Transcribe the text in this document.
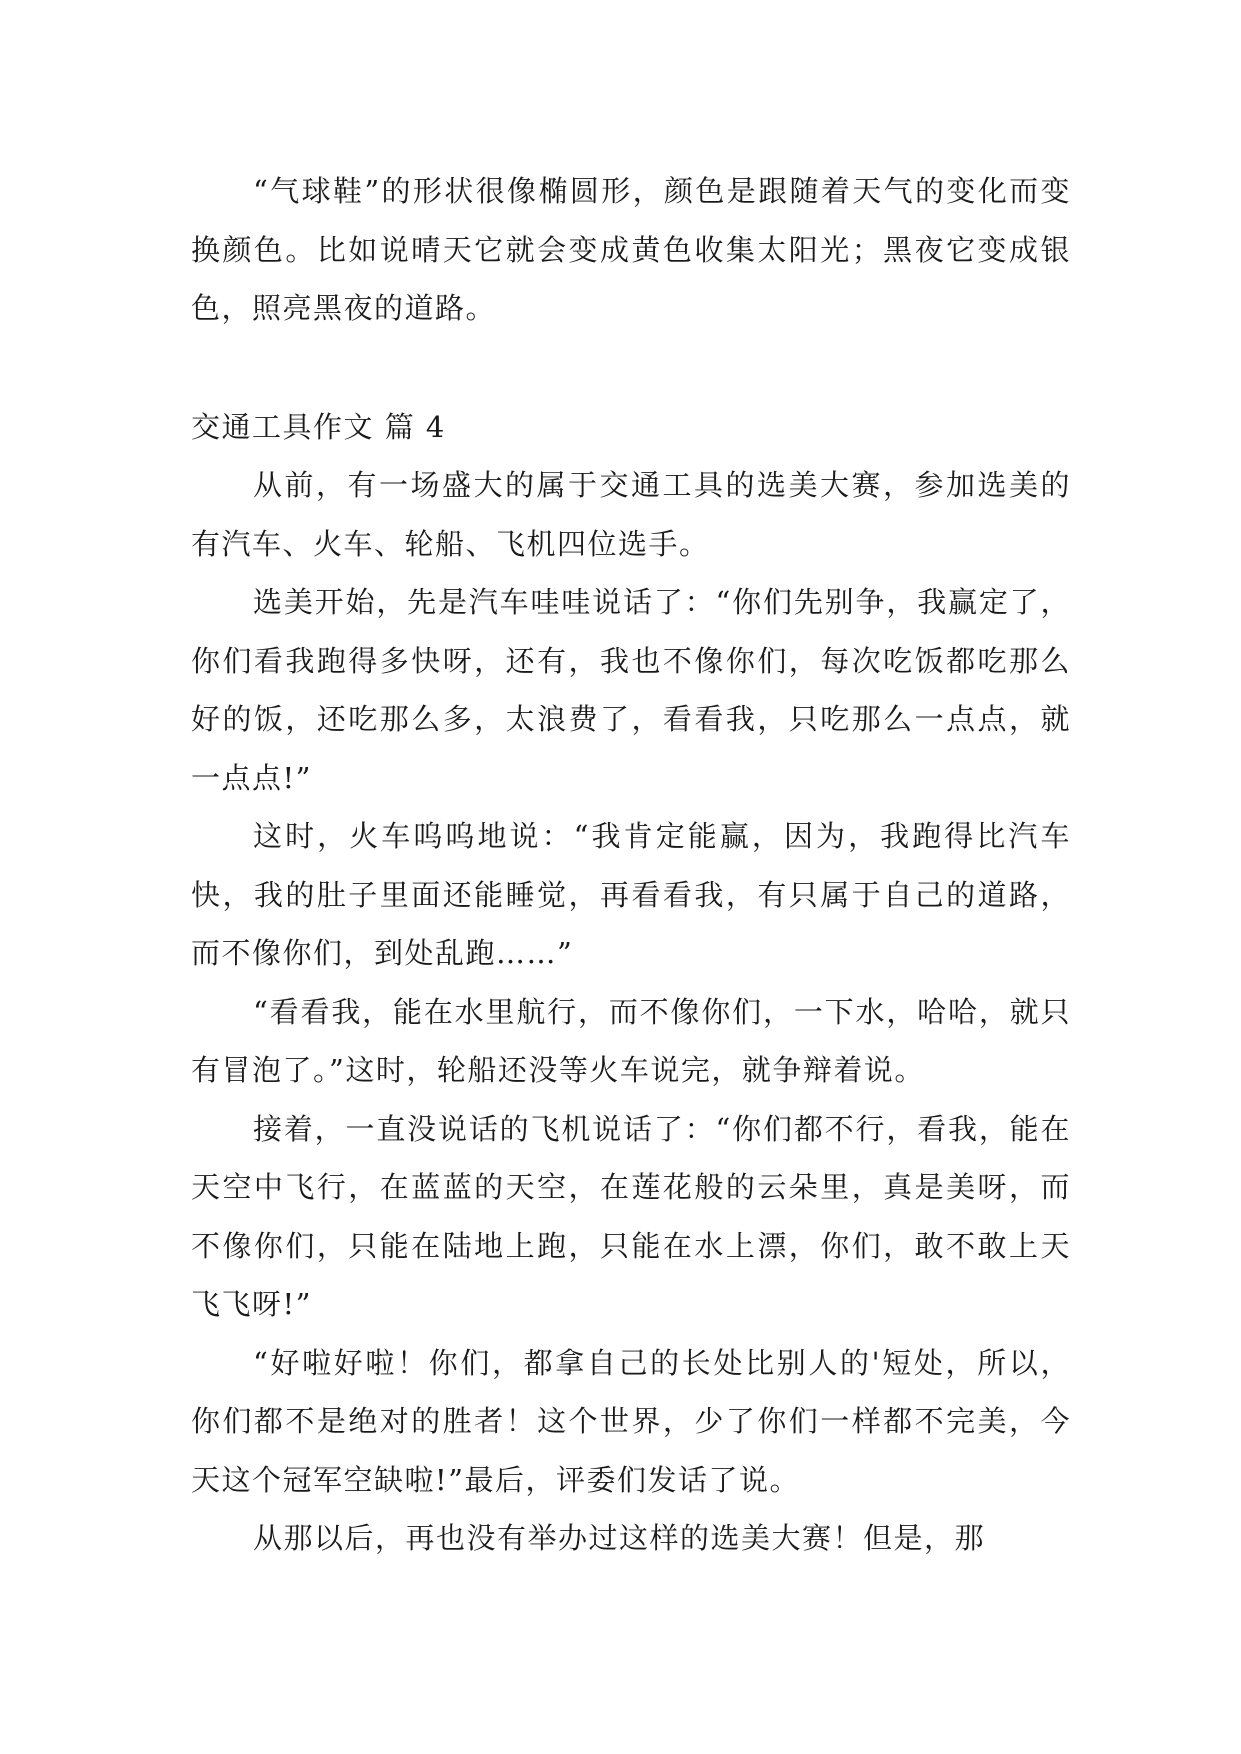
“气球鞋”的形状很像椭圆形，颜色是跟随着天气的变化而变换颜色。比如说晴天它就会变成黄色收集太阳光；黑夜它变成银色，照亮黑夜的道路。

交通工具作文 篇 4

从前，有一场盛大的属于交通工具的选美大赛，参加选美的有汽车、火车、轮船、飞机四位选手。

选美开始，先是汽车哇哇说话了：“你们先别争，我赢定了，你们看我跑得多快呀，还有，我也不像你们，每次吃饭都吃那么好的饭，还吃那么多，太浪费了，看看我，只吃那么一点点，就一点点!”

这时，火车呜呜地说：“我肯定能赢，因为，我跑得比汽车快，我的肚子里面还能睡觉，再看看我，有只属于自己的道路，而不像你们，到处乱跑……”

“看看我，能在水里航行，而不像你们，一下水，哈哈，就只有冒泡了。”这时，轮船还没等火车说完，就争辩着说。

接着，一直没说话的飞机说话了：“你们都不行，看我，能在天空中飞行，在蓝蓝的天空，在莲花般的云朵里，真是美呀，而不像你们，只能在陆地上跑，只能在水上漂，你们，敢不敢上天飞飞呀!”

“好啦好啦！你们，都拿自己的长处比别人的'短处，所以，你们都不是绝对的胜者！这个世界，少了你们一样都不完美，今天这个冠军空缺啦!”最后，评委们发话了说。

从那以后，再也没有举办过这样的选美大赛！但是，那
